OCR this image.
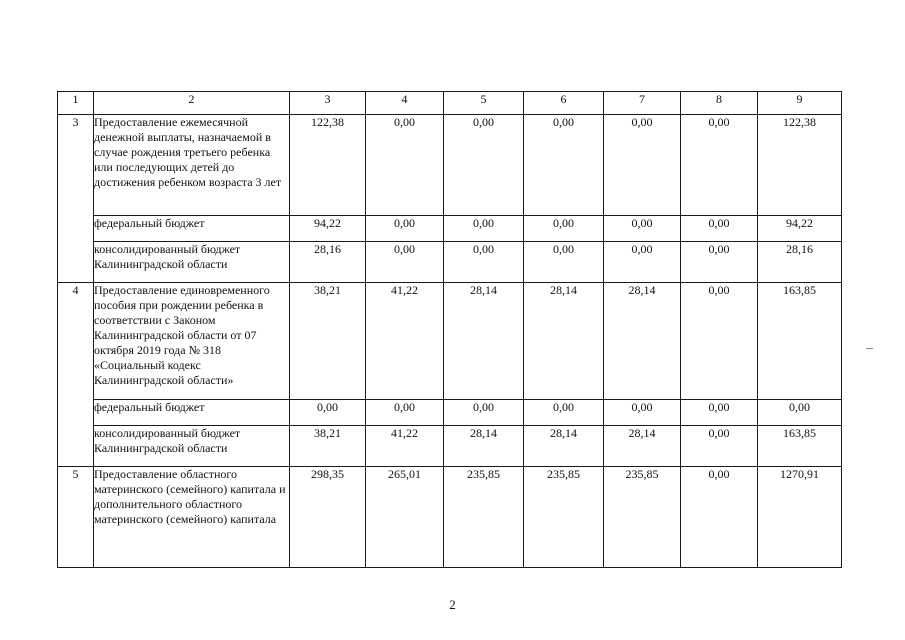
1	2	3	4	5	6	7	8	9
3	Предоставление ежемесячной денежной выплаты, назначаемой в случае рождения третьего ребенка или последующих детей до достижения ребенком возраста 3 лет	122,38	0,00	0,00	0,00	0,00	0,00	122,38
	федеральный бюджет	94,22	0,00	0,00	0,00	0,00	0,00	94,22
	консолидированный бюджет Калининградской области	28,16	0,00	0,00	0,00	0,00	0,00	28,16
4	Предоставление единовременного пособия при рождении ребенка в соответствии с Законом Калининградской области от 07 октября 2019 года № 318 «Социальный кодекс Калининградской области»	38,21	41,22	28,14	28,14	28,14	0,00	163,85
	федеральный бюджет	0,00	0,00	0,00	0,00	0,00	0,00	0,00
	консолидированный бюджет Калининградской области	38,21	41,22	28,14	28,14	28,14	0,00	163,85
5	Предоставление областного материнского (семейного) капитала и дополнительного областного материнского (семейного) капитала	298,35	265,01	235,85	235,85	235,85	0,00	1270,91
2
